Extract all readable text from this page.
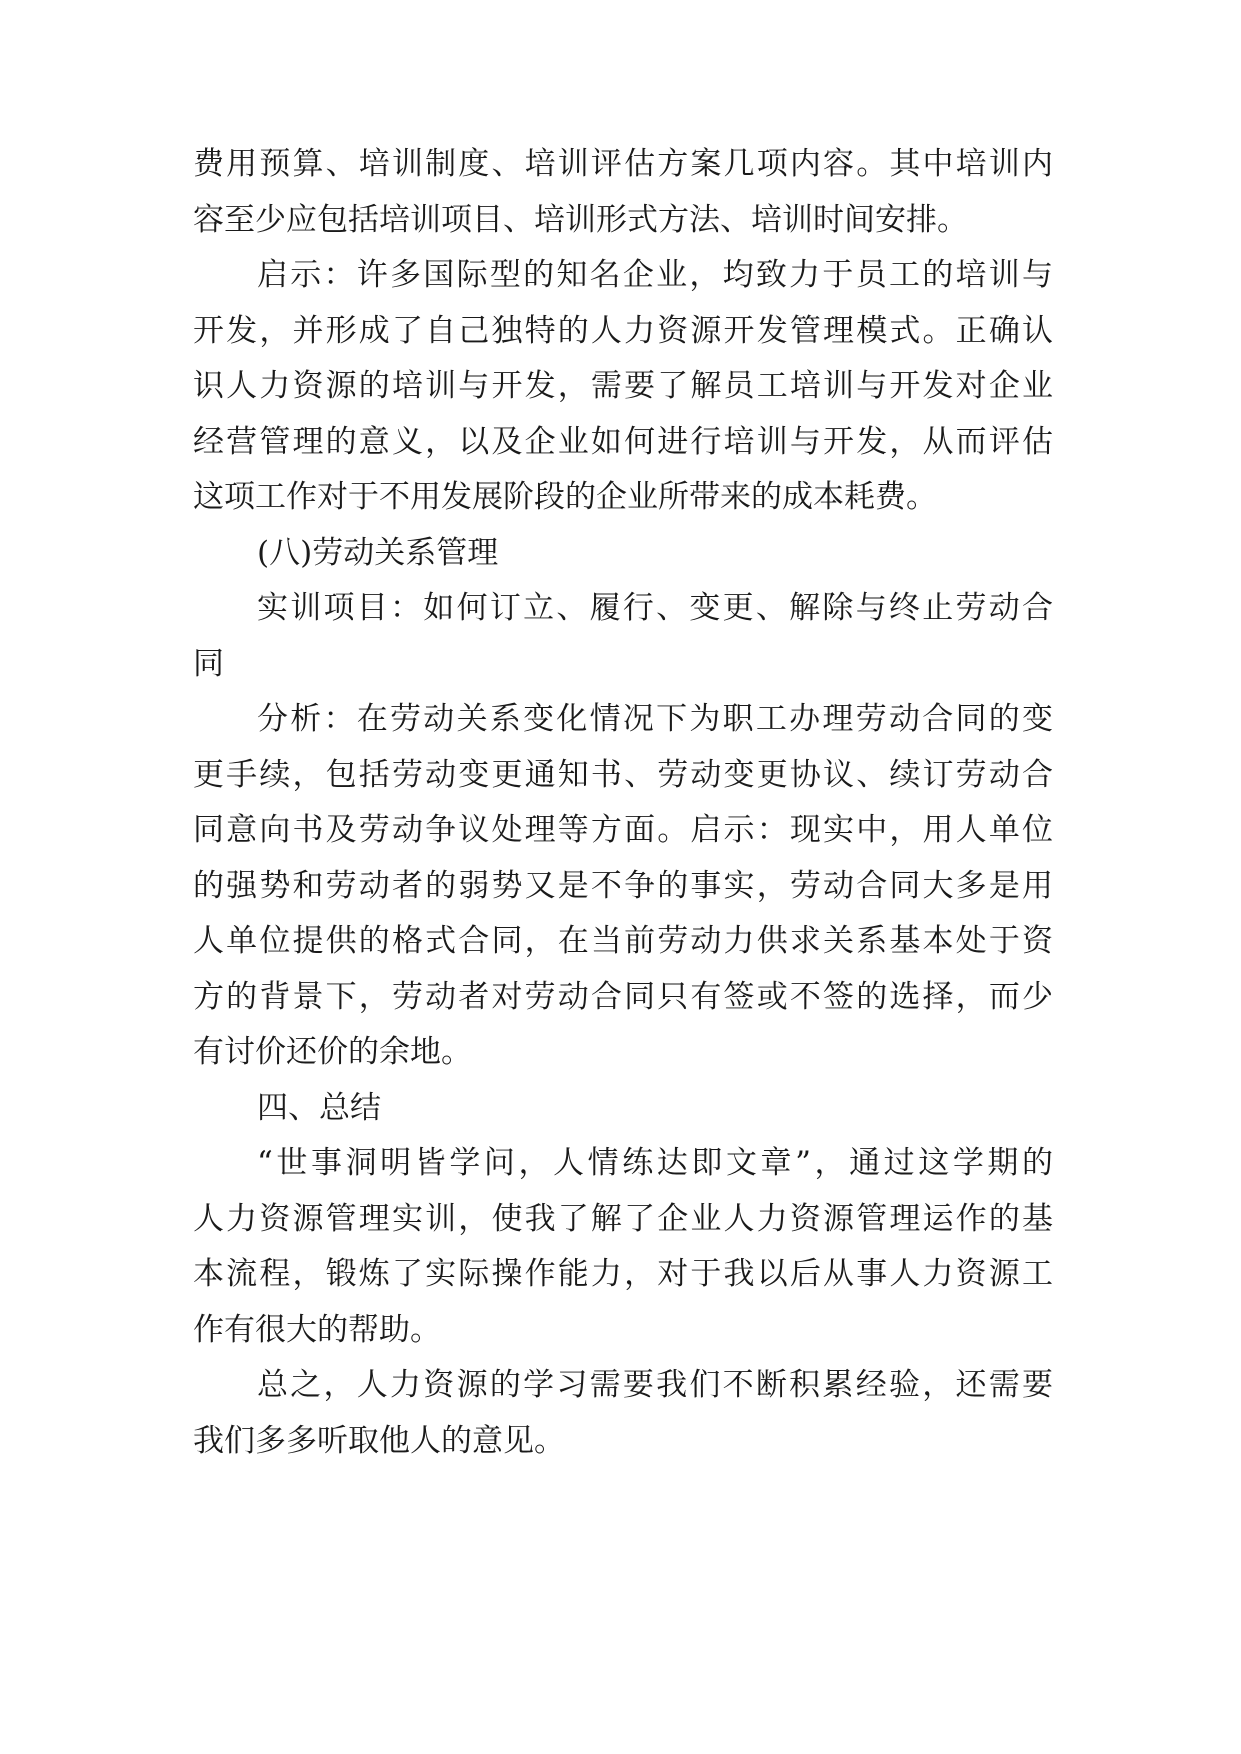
费用预算、培训制度、培训评估方案几项内容。其中培训内
容至少应包括培训项目、培训形式方法、培训时间安排。
启示：许多国际型的知名企业，均致力于员工的培训与
开发，并形成了自己独特的人力资源开发管理模式。正确认
识人力资源的培训与开发，需要了解员工培训与开发对企业
经营管理的意义，以及企业如何进行培训与开发，从而评估
这项工作对于不用发展阶段的企业所带来的成本耗费。
(八)劳动关系管理
实训项目：如何订立、履行、变更、解除与终止劳动合
同
分析：在劳动关系变化情况下为职工办理劳动合同的变
更手续，包括劳动变更通知书、劳动变更协议、续订劳动合
同意向书及劳动争议处理等方面。启示：现实中，用人单位
的强势和劳动者的弱势又是不争的事实，劳动合同大多是用
人单位提供的格式合同，在当前劳动力供求关系基本处于资
方的背景下，劳动者对劳动合同只有签或不签的选择，而少
有讨价还价的余地。
四、总结
“世事洞明皆学问，人情练达即文章”，通过这学期的
人力资源管理实训，使我了解了企业人力资源管理运作的基
本流程，锻炼了实际操作能力，对于我以后从事人力资源工
作有很大的帮助。
总之，人力资源的学习需要我们不断积累经验，还需要
我们多多听取他人的意见。
